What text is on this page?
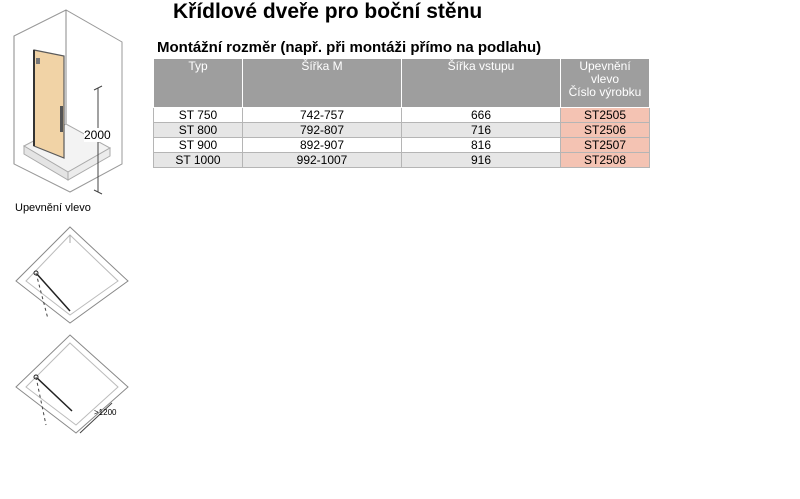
Křídlové dveře pro boční stěnu
Montážní rozměr (např. při montáži přímo na podlahu)
2000
Upevnění vlevo
>1200
Typ	Šířka M	Šířka vstupu	Upevnění
vlevo
Číslo výrobku

ST 750	742-757	666	ST2505
ST 800	792-807	716	ST2506
ST 900	892-907	816	ST2507
ST 1000	992-1007	916	ST2508
